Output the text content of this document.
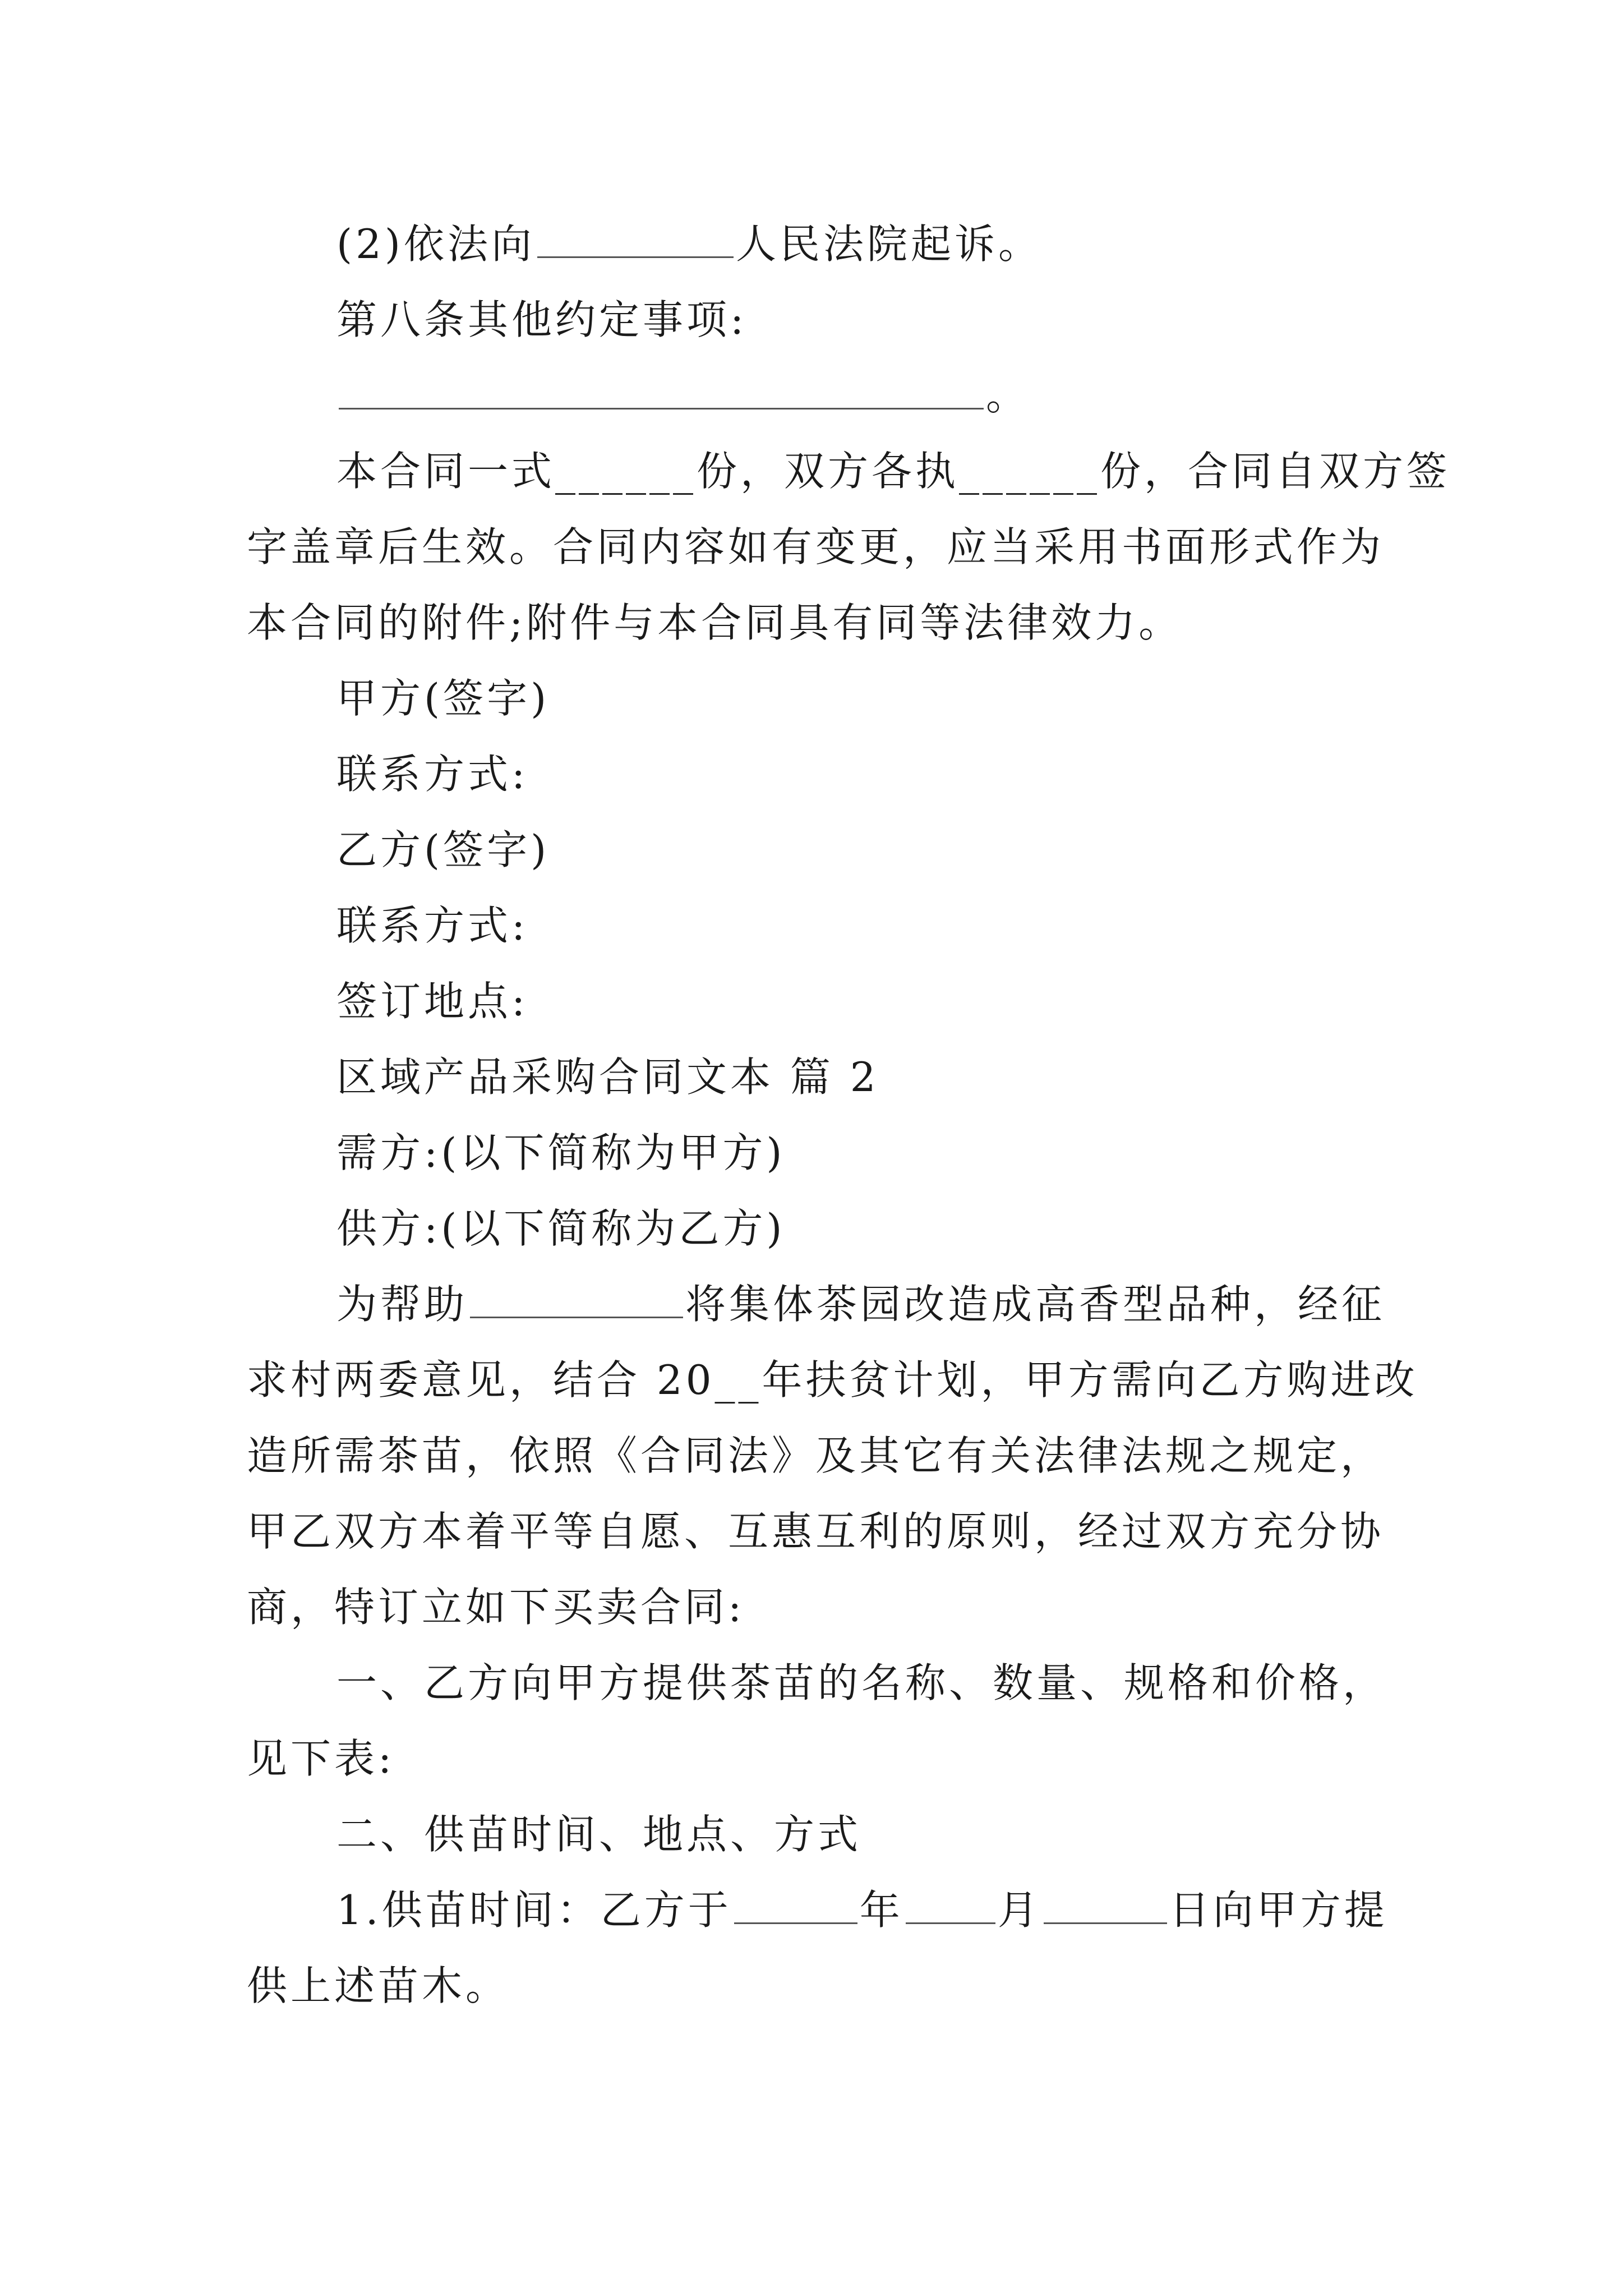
(2)依法向	人民法院起诉。
第八条其他约定事项:
。
本合同一式______份，双方各执______份，合同自双方签
字盖章后生效。合同内容如有变更，应当采用书面形式作为
本合同的附件;附件与本合同具有同等法律效力。
甲方(签字)
联系方式:
乙方(签字)
联系方式:
签订地点:
区域产品采购合同文本 篇 2
需方:(以下简称为甲方)
供方:(以下简称为乙方)
为帮助	将集体茶园改造成高香型品种，经征
求村两委意见，结合 20__年扶贫计划，甲方需向乙方购进改
造所需茶苗，依照《合同法》及其它有关法律法规之规定，
甲乙双方本着平等自愿、互惠互利的原则，经过双方充分协
商，特订立如下买卖合同:
一、乙方向甲方提供茶苗的名称、数量、规格和价格，
见下表:
二、供苗时间、地点、方式
1.供苗时间：乙方于	年 月	日向甲方提
供上述苗木。
